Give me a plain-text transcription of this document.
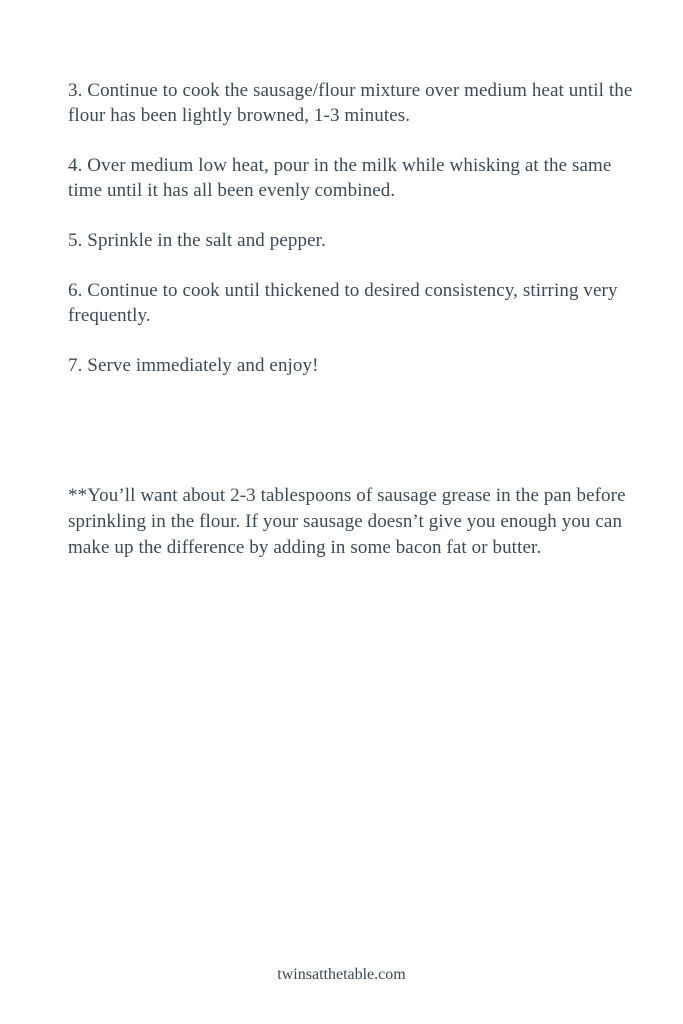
3. Continue to cook the sausage/flour mixture over medium heat until the flour has been lightly browned, 1-3 minutes.
4. Over medium low heat, pour in the milk while whisking at the same time until it has all been evenly combined.
5. Sprinkle in the salt and pepper.
6. Continue to cook until thickened to desired consistency, stirring very frequently.
7. Serve immediately and enjoy!

**You’ll want about 2-3 tablespoons of sausage grease in the pan before sprinkling in the flour. If your sausage doesn’t give you enough you can make up the difference by adding in some bacon fat or butter.

twinsatthetable.com
